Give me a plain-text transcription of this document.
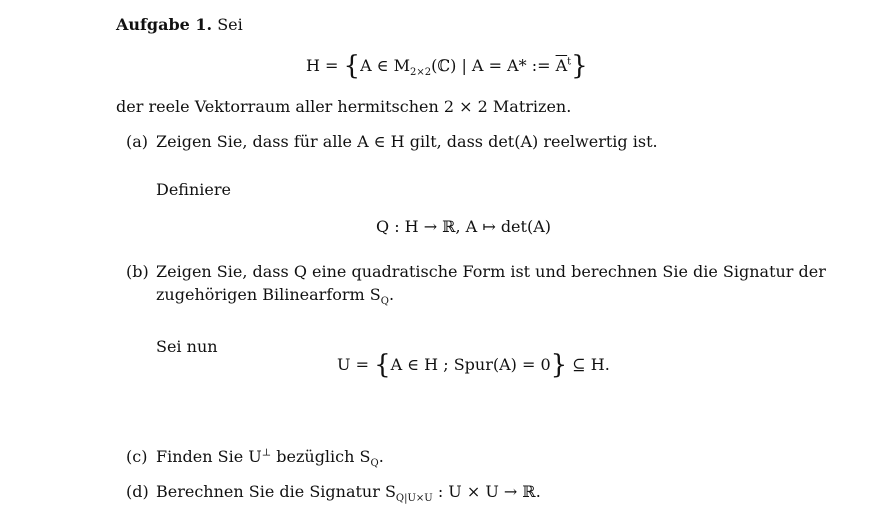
Aufgabe 1. Sei
H = {A ∈ $M_{2\times 2}(ℂ)$ | A = A* := $\overline{A}^t$}
der reele Vektorraum aller hermitschen 2 × 2 Matrizen.
(a) Zeigen Sie, dass für alle A ∈ H gilt, dass det(A) reelwertig ist.
Definiere
Q : H → ℝ, A ↦ det(A)
(b) Zeigen Sie, dass Q eine quadratische Form ist und berechnen Sie die Signatur der
zugehörigen Bilinearform $S_Q$.
Sei nun
U = {A ∈ H ; Spur(A) = 0} ⊆ H.
(c) Finden Sie U⊥ bezüglich $S_Q$.
(d) Berechnen Sie die Signatur $S_{Q|U\times U}$ : U × U → ℝ.
